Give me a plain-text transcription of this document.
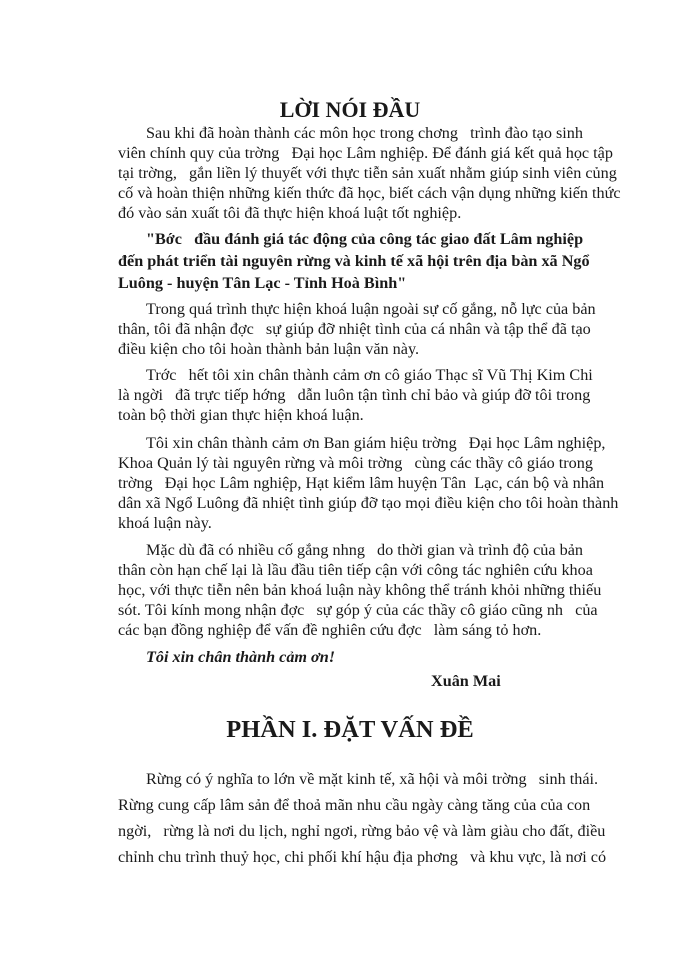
LỜI NÓI ĐẦU

Sau khi đã hoàn thành các môn học trong chơng   trình đào tạo sinh

viên chính quy của trờng   Đại học Lâm nghiệp. Để đánh giá kết quả học tập

tại trờng,   gắn liền lý thuyết với thực tiễn sản xuất nhằm giúp sinh viên củng

cố và hoàn thiện những kiến thức đã học, biết cách vận dụng những kiến thức

đó vào sản xuất tôi đã thực hiện khoá luật tốt nghiệp.

"Bớc   đầu đánh giá tác động của công tác giao đất Lâm nghiệp

đến phát triển tài nguyên rừng và kinh tế xã hội trên địa bàn xã Ngổ

Luông - huyện Tân Lạc - Tỉnh Hoà Bình"

Trong quá trình thực hiện khoá luận ngoài sự cố gắng, nỗ lực của bản

thân, tôi đã nhận đợc   sự giúp đỡ nhiệt tình của cá nhân và tập thể đã tạo

điều kiện cho tôi hoàn thành bản luận văn này.

Trớc   hết tôi xin chân thành cảm ơn cô giáo Thạc sĩ Vũ Thị Kim Chi

là ngời   đã trực tiếp hớng   dẫn luôn tận tình chỉ bảo và giúp đỡ tôi trong

toàn bộ thời gian thực hiện khoá luận.

Tôi xin chân thành cảm ơn Ban giám hiệu trờng   Đại học Lâm nghiệp,

Khoa Quản lý tài nguyên rừng và môi trờng   cùng các thầy cô giáo trong

trờng   Đại học Lâm nghiệp, Hạt kiểm lâm huyện Tân  Lạc, cán bộ và nhân

dân xã Ngổ Luông đã nhiệt tình giúp đỡ tạo mọi điều kiện cho tôi hoàn thành

khoá luận này.

Mặc dù đã có nhiều cố gắng nhng   do thời gian và trình độ của bản

thân còn hạn chế lại là lầu đầu tiên tiếp cận với công tác nghiên cứu khoa

học, với thực tiễn nên bản khoá luận này không thể tránh khỏi những thiếu

sót. Tôi kính mong nhận đợc   sự góp ý của các thầy cô giáo cũng nh   của

các bạn đồng nghiệp để vấn đề nghiên cứu đợc   làm sáng tỏ hơn.

Tôi xin chân thành cảm ơn!

Xuân Mai

PHẦN I. ĐẶT VẤN ĐỀ

Rừng có ý nghĩa to lớn về mặt kinh tế, xã hội và môi trờng   sinh thái.

Rừng cung cấp lâm sản để thoả mãn nhu cầu ngày càng tăng của của con

ngời,   rừng là nơi du lịch, nghỉ ngơi, rừng bảo vệ và làm giàu cho đất, điều

chỉnh chu trình thuỷ học, chi phối khí hậu địa phơng   và khu vực, là nơi có
